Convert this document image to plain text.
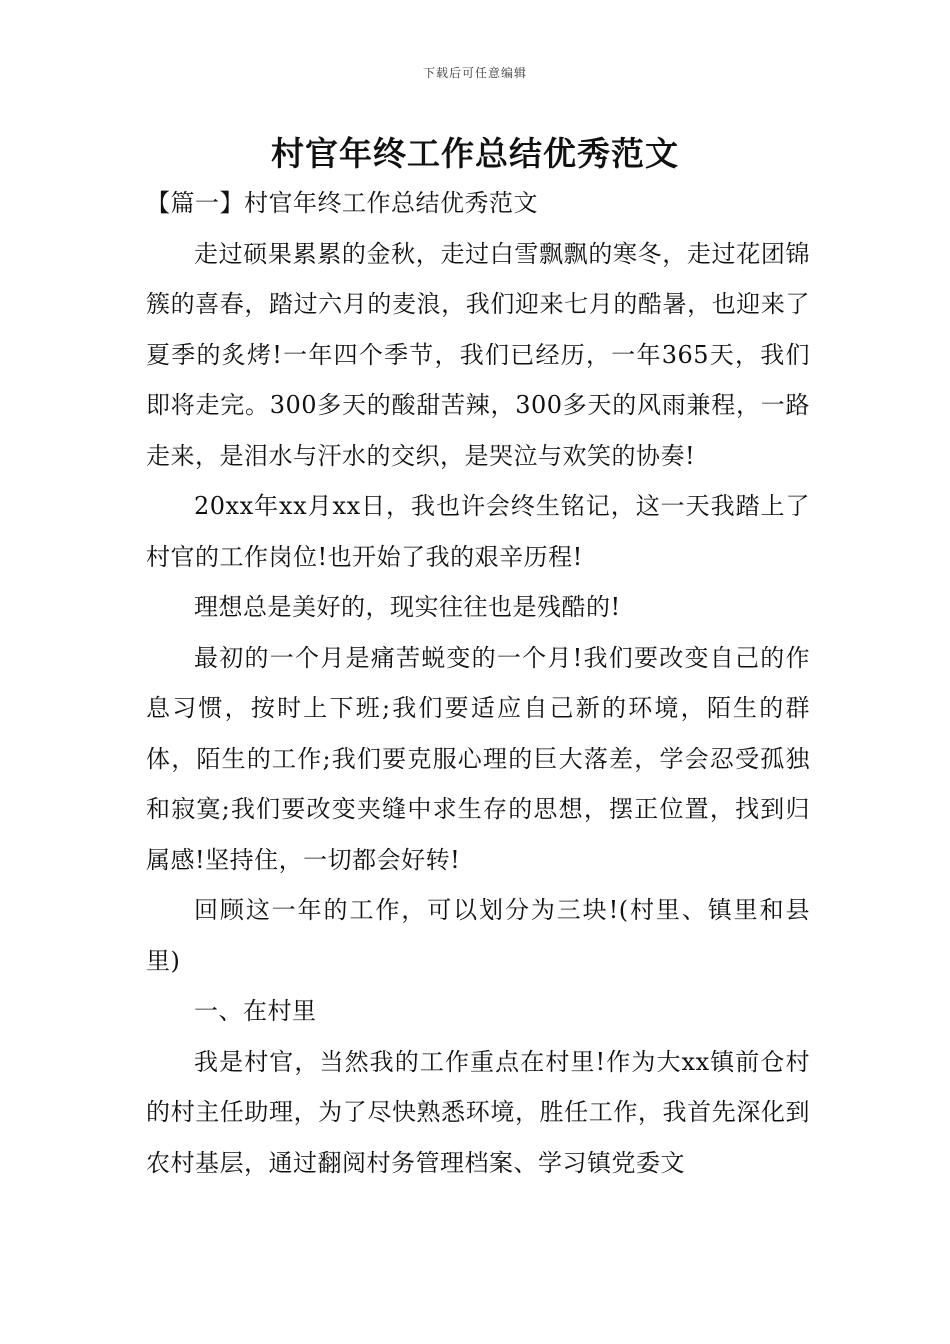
下载后可任意编辑
村官年终工作总结优秀范文

【篇一】村官年终工作总结优秀范文

走过硕果累累的金秋，走过白雪飘飘的寒冬，走过花团锦簇的喜春，踏过六月的麦浪，我们迎来七月的酷暑，也迎来了夏季的炙烤!一年四个季节，我们已经历，一年365天，我们即将走完。300多天的酸甜苦辣，300多天的风雨兼程，一路走来，是泪水与汗水的交织，是哭泣与欢笑的协奏!

20xx年xx月xx日，我也许会终生铭记，这一天我踏上了村官的工作岗位!也开始了我的艰辛历程!

理想总是美好的，现实往往也是残酷的!

最初的一个月是痛苦蜕变的一个月!我们要改变自己的作息习惯，按时上下班;我们要适应自己新的环境，陌生的群体，陌生的工作;我们要克服心理的巨大落差，学会忍受孤独和寂寞;我们要改变夹缝中求生存的思想，摆正位置，找到归属感!坚持住，一切都会好转!

回顾这一年的工作，可以划分为三块!(村里、镇里和县里)

一、在村里

我是村官，当然我的工作重点在村里!作为大xx镇前仓村的村主任助理，为了尽快熟悉环境，胜任工作，我首先深化到农村基层，通过翻阅村务管理档案、学习镇党委文
